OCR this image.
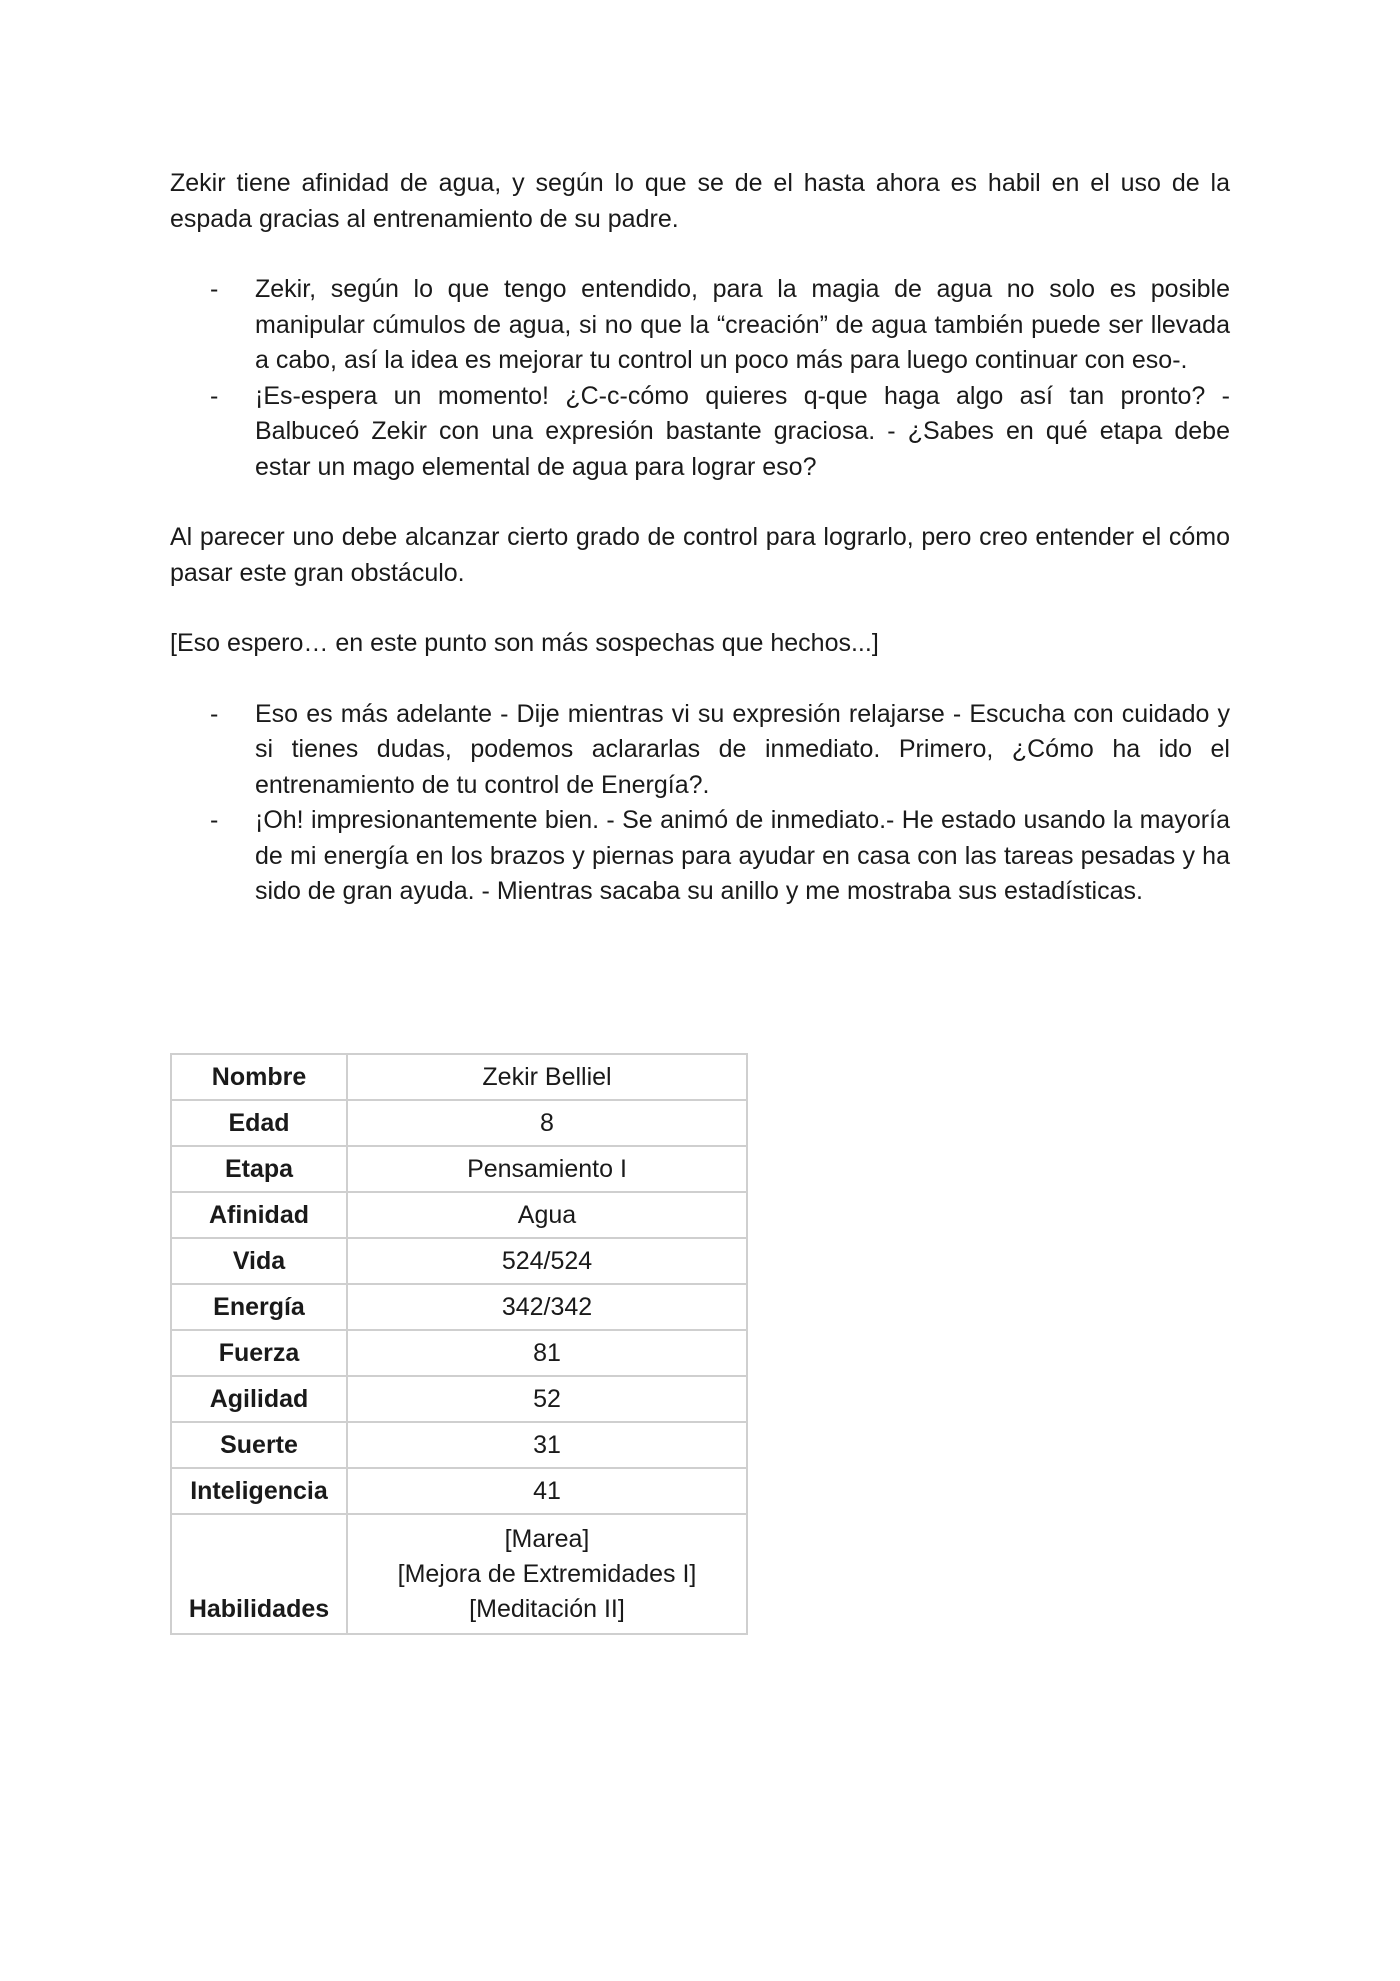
Zekir tiene afinidad de agua, y según lo que se de el hasta ahora es habil en el uso de la espada gracias al entrenamiento de su padre.

- Zekir, según lo que tengo entendido, para la magia de agua no solo es posible manipular cúmulos de agua, si no que la “creación” de agua también puede ser llevada a cabo, así la idea es mejorar tu control un poco más para luego continuar con eso-.
- ¡Es-espera un momento! ¿C-c-cómo quieres q-que haga algo así tan pronto? - Balbuceó Zekir con una expresión bastante graciosa. - ¿Sabes en qué etapa debe estar un mago elemental de agua para lograr eso?

Al parecer uno debe alcanzar cierto grado de control para lograrlo, pero creo entender el cómo pasar este gran obstáculo.

[Eso espero… en este punto son más sospechas que hechos...]

- Eso es más adelante - Dije mientras vi su expresión relajarse - Escucha con cuidado y si tienes dudas, podemos aclararlas de inmediato. Primero, ¿Cómo ha ido el entrenamiento de tu control de Energía?.
- ¡Oh! impresionantemente bien. - Se animó de inmediato.- He estado usando la mayoría de mi energía en los brazos y piernas para ayudar en casa con las tareas pesadas y ha sido de gran ayuda. - Mientras sacaba su anillo y me mostraba sus estadísticas.
Nombre	Zekir Belliel
Edad	8
Etapa	Pensamiento I
Afinidad	Agua
Vida	524/524
Energía	342/342
Fuerza	81
Agilidad	52
Suerte	31
Inteligencia	41
Habilidades	[Marea]
[Mejora de Extremidades I]
[Meditación II]
